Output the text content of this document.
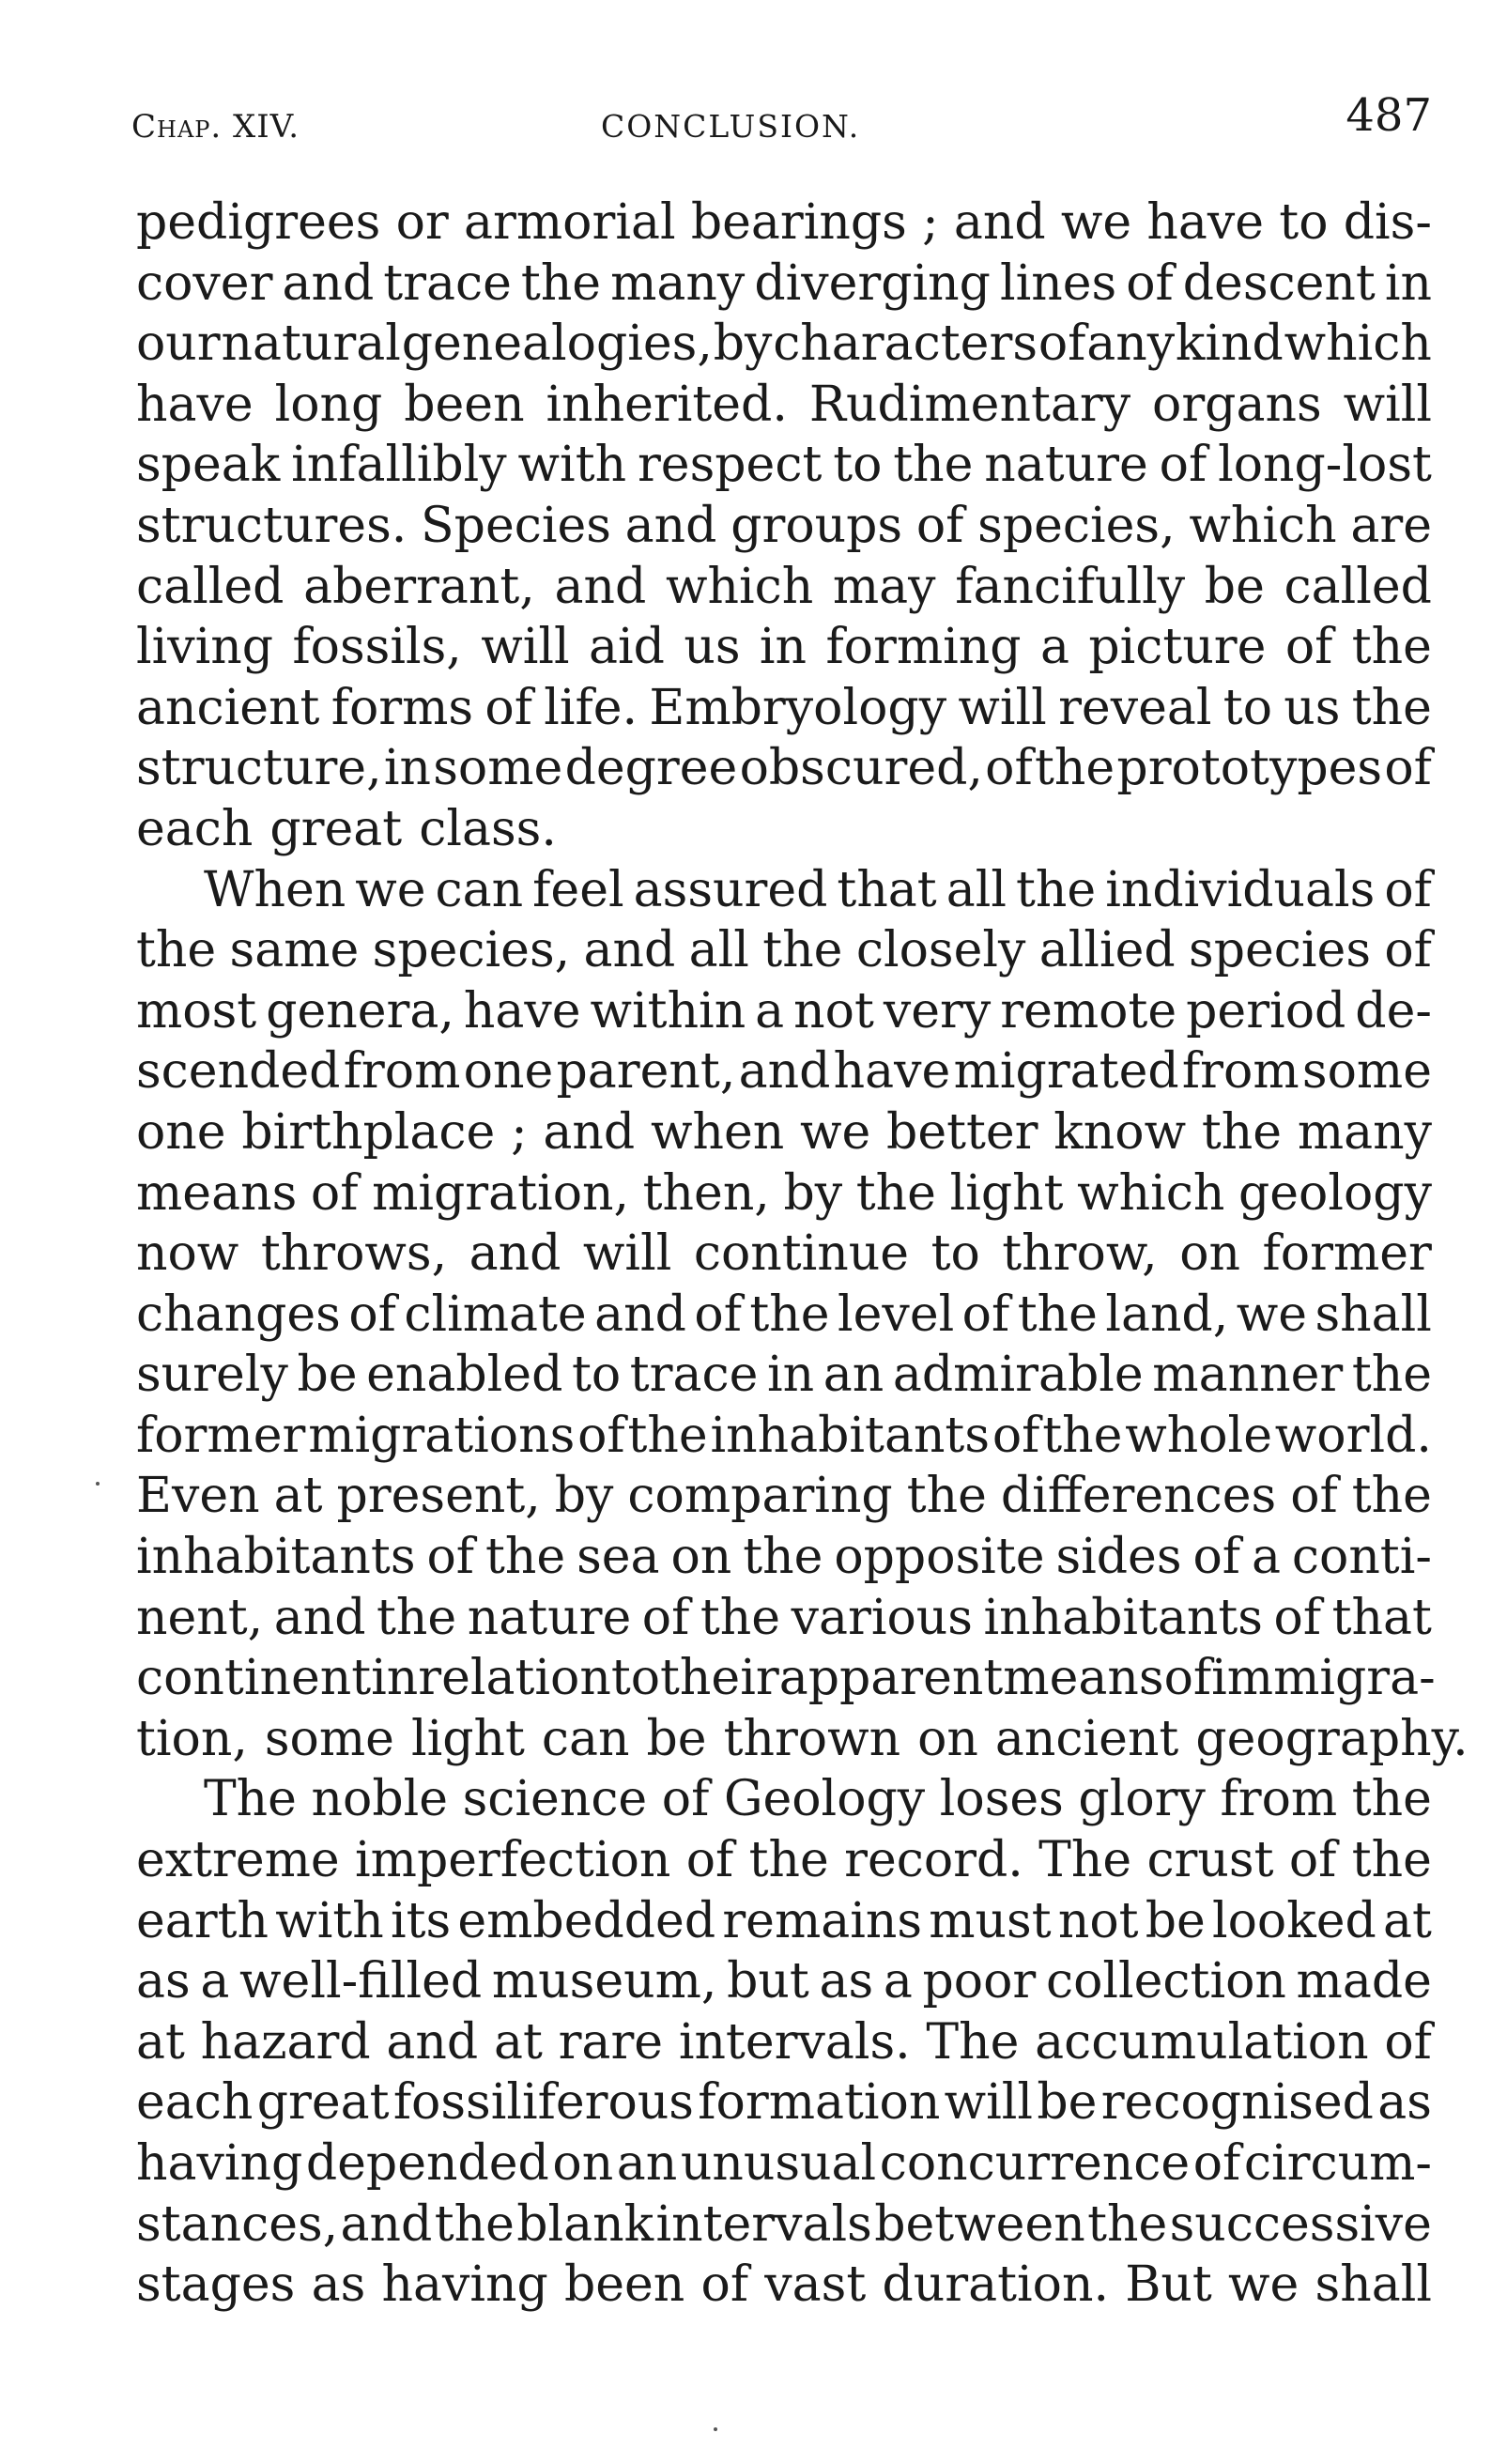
Chap. XIV.	CONCLUSION.	487
pedigrees or armorial bearings ; and we have to dis-
cover and trace the many diverging lines of descent in
our natural genealogies, by characters of any kind which
have long been inherited. Rudimentary organs will
speak infallibly with respect to the nature of long-lost
structures. Species and groups of species, which are
called aberrant, and which may fancifully be called
living fossils, will aid us in forming a picture of the
ancient forms of life. Embryology will reveal to us the
structure, in some degree obscured, of the prototypes of
each great class.
When we can feel assured that all the individuals of
the same species, and all the closely allied species of
most genera, have within a not very remote period de-
scended from one parent, and have migrated from some
one birthplace ; and when we better know the many
means of migration, then, by the light which geology
now throws, and will continue to throw, on former
changes of climate and of the level of the land, we shall
surely be enabled to trace in an admirable manner the
former migrations of the inhabitants of the whole world.
Even at present, by comparing the differences of the
inhabitants of the sea on the opposite sides of a conti-
nent, and the nature of the various inhabitants of that
continent in relation to their apparent means of immigra-
tion, some light can be thrown on ancient geography.
The noble science of Geology loses glory from the
extreme imperfection of the record. The crust of the
earth with its embedded remains must not be looked at
as a well-filled museum, but as a poor collection made
at hazard and at rare intervals. The accumulation of
each great fossiliferous formation will be recognised as
having depended on an unusual concurrence of circum-
stances, and the blank intervals between the successive
stages as having been of vast duration. But we shall
